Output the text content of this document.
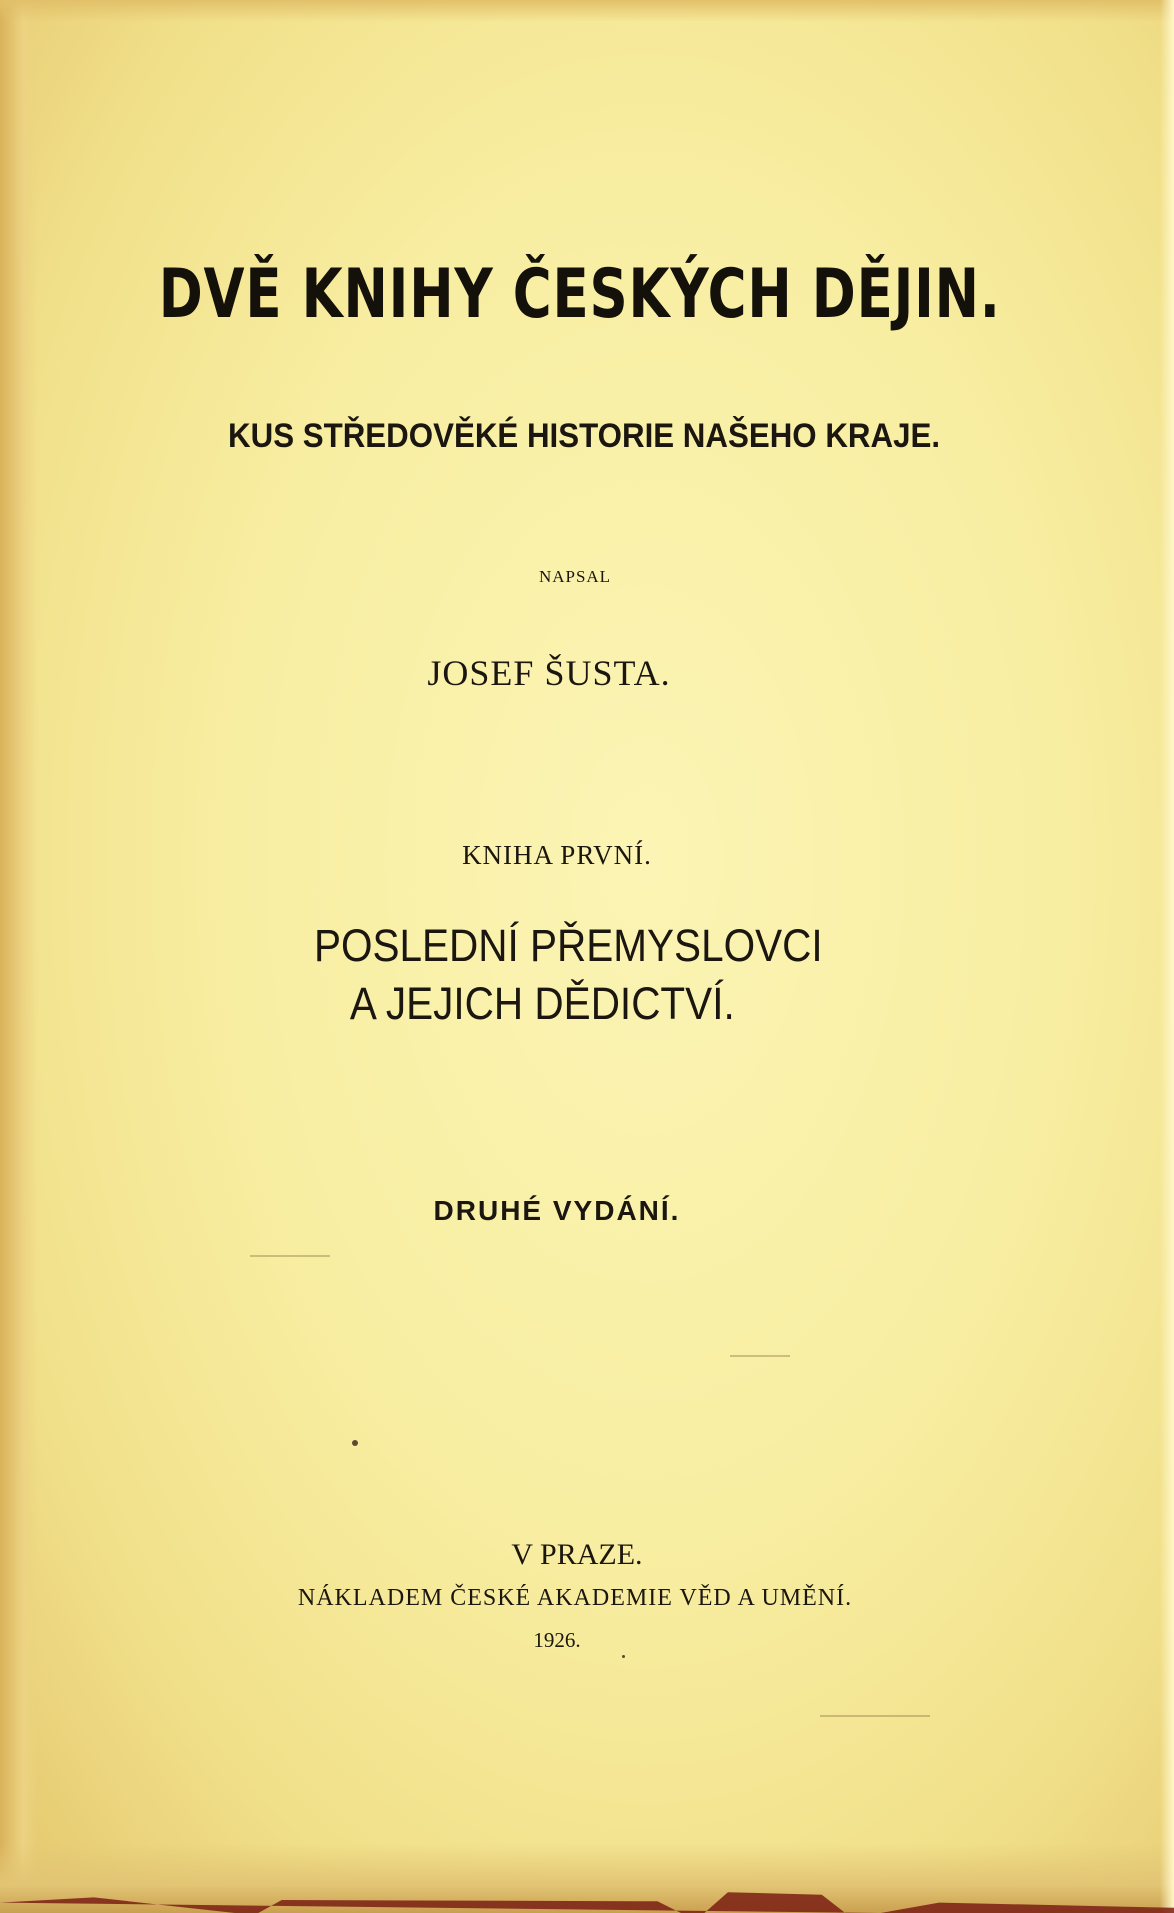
DVĚ KNIHY ČESKÝCH DĚJIN.
KUS STŘEDOVĚKÉ HISTORIE NAŠEHO KRAJE.
NAPSAL
JOSEF ŠUSTA.
KNIHA PRVNÍ.
POSLEDNÍ PŘEMYSLOVCI
A JEJICH DĚDICTVÍ.
DRUHÉ VYDÁNÍ.
V PRAZE.
NÁKLADEM ČESKÉ AKADEMIE VĚD A UMĚNÍ.
1926.
